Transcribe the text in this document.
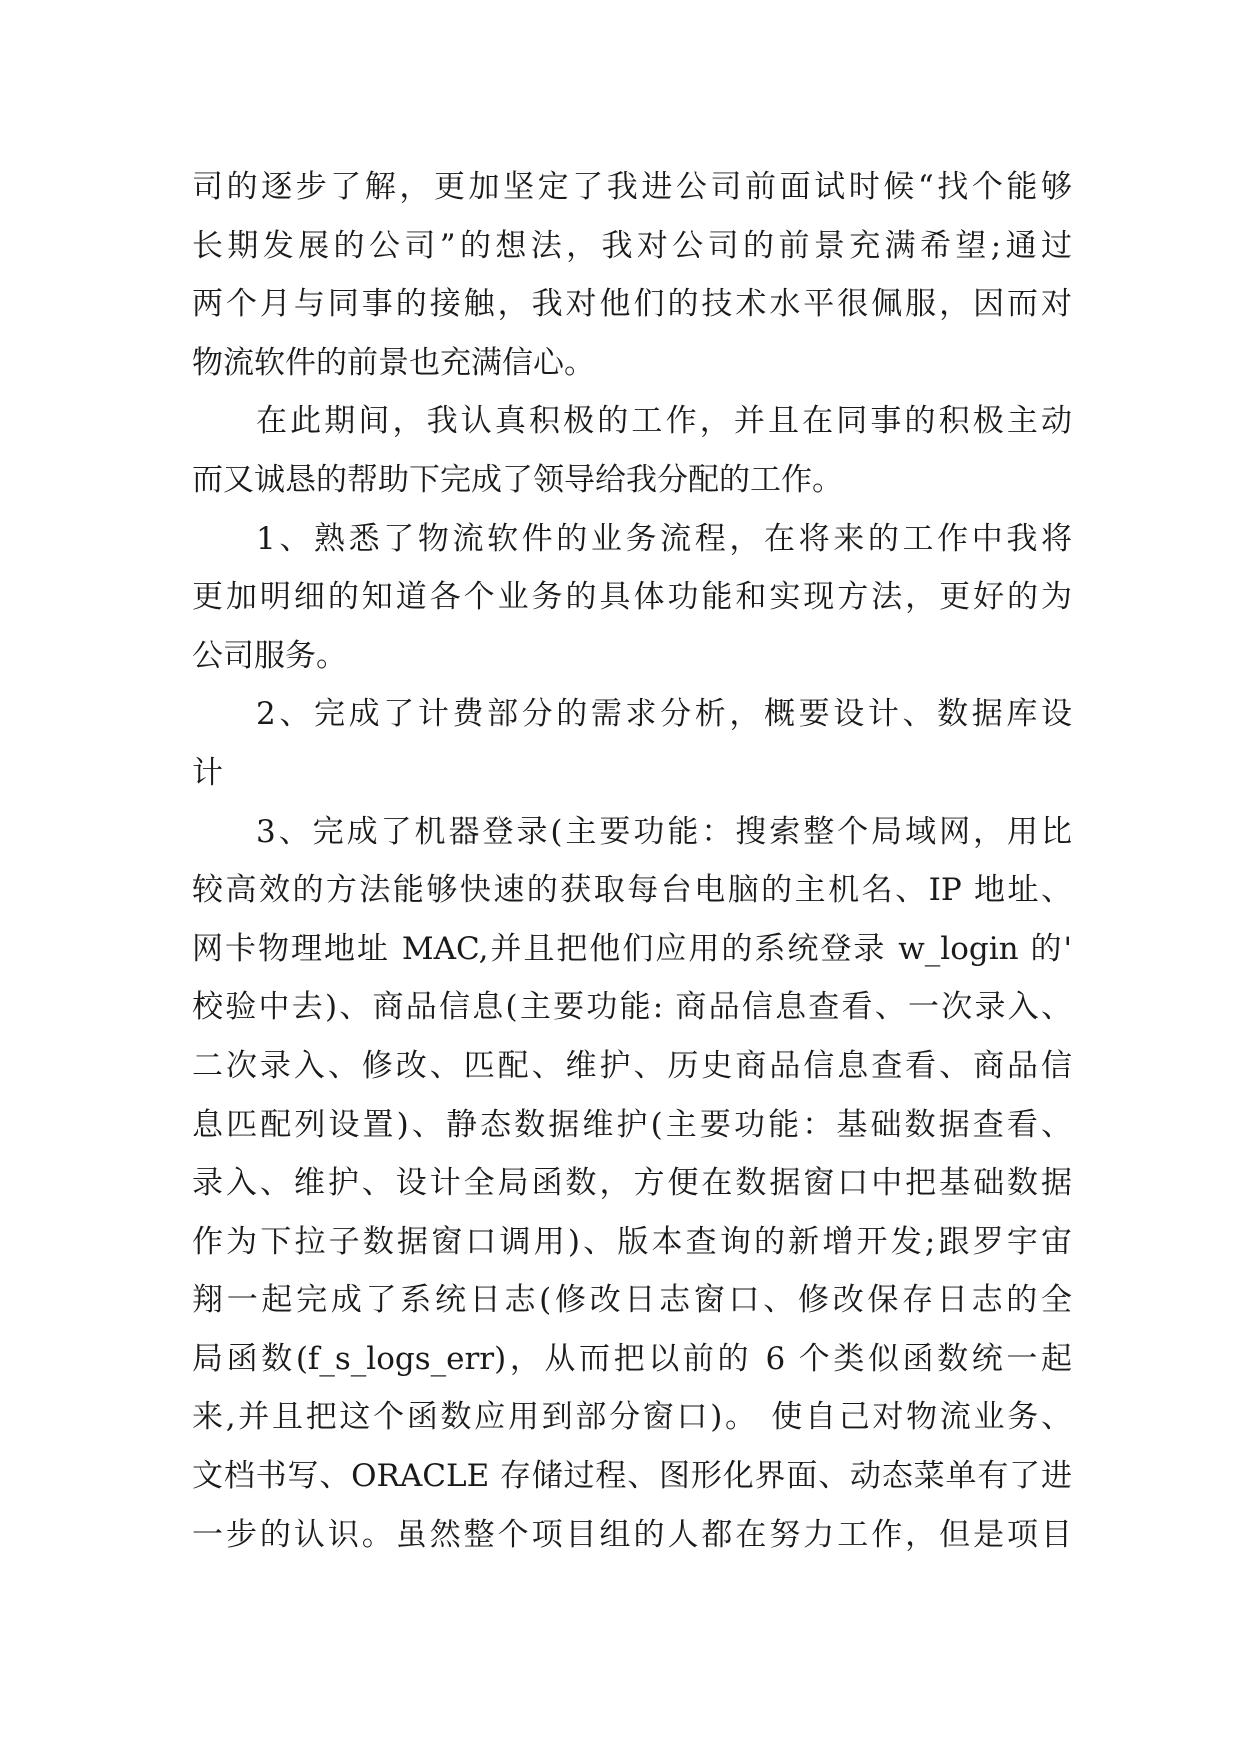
司的逐步了解，更加坚定了我进公司前面试时候“找个能够
长期发展的公司”的想法，我对公司的前景充满希望;通过
两个月与同事的接触，我对他们的技术水平很佩服，因而对
物流软件的前景也充满信心。
在此期间，我认真积极的工作，并且在同事的积极主动
而又诚恳的帮助下完成了领导给我分配的工作。
1、熟悉了物流软件的业务流程，在将来的工作中我将
更加明细的知道各个业务的具体功能和实现方法，更好的为
公司服务。
2、完成了计费部分的需求分析，概要设计、数据库设
计
3、完成了机器登录(主要功能：搜索整个局域网，用比
较高效的方法能够快速的获取每台电脑的主机名、IP 地址、
网卡物理地址 MAC,并且把他们应用的系统登录 w_login 的'
校验中去)、商品信息(主要功能: 商品信息查看、一次录入、
二次录入、修改、匹配、维护、历史商品信息查看、商品信
息匹配列设置)、静态数据维护(主要功能：基础数据查看、
录入、维护、设计全局函数，方便在数据窗口中把基础数据
作为下拉子数据窗口调用)、版本查询的新增开发;跟罗宇宙
翔一起完成了系统日志(修改日志窗口、修改保存日志的全
局函数(f_s_logs_err)，从而把以前的 6 个类似函数统一起
来,并且把这个函数应用到部分窗口)。 使自己对物流业务、
文档书写、ORACLE 存储过程、图形化界面、动态菜单有了进
一步的认识。虽然整个项目组的人都在努力工作，但是项目
